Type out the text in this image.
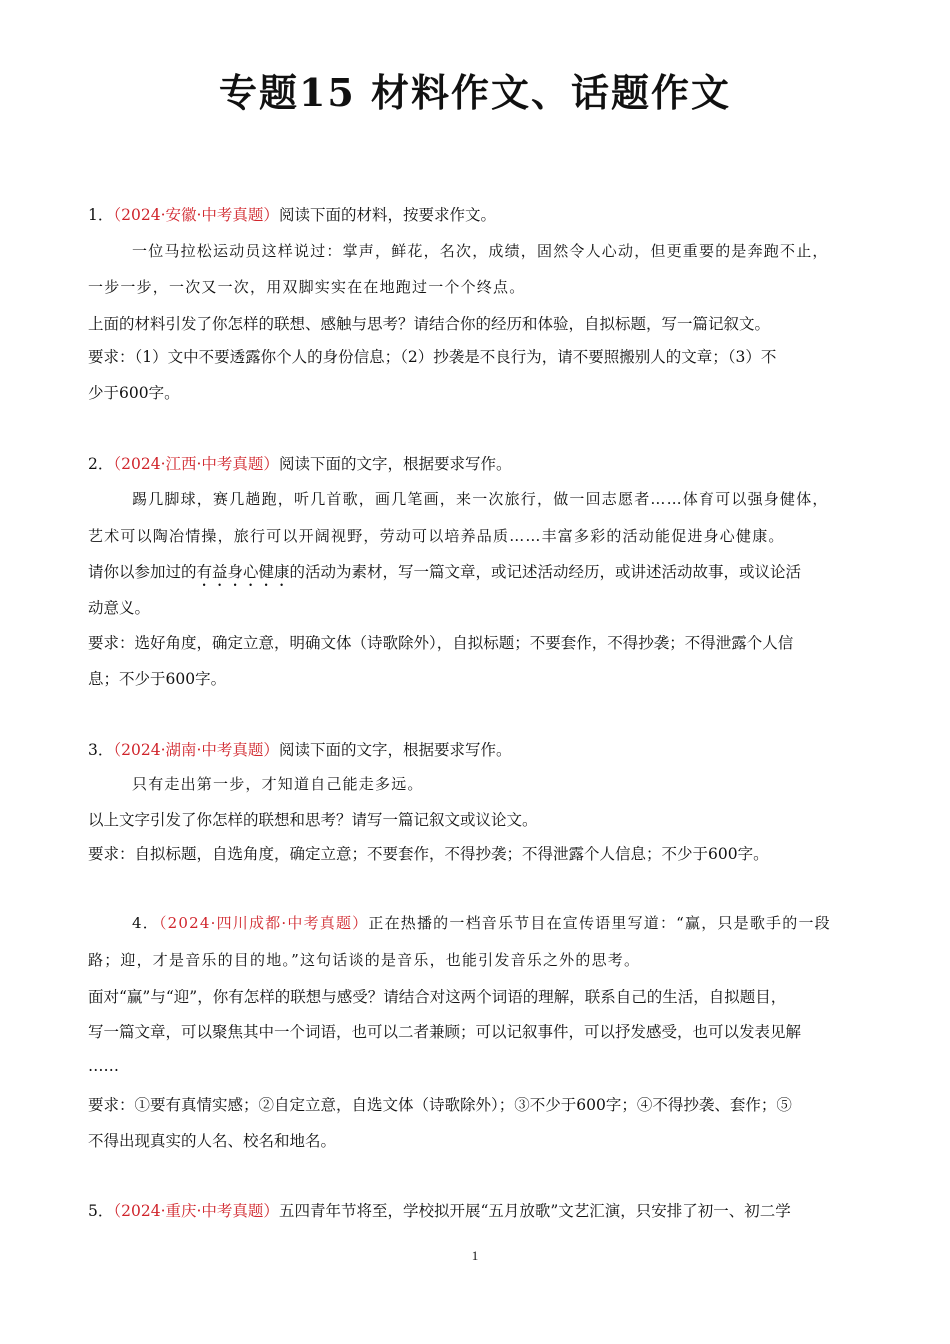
专题15 材料作文、话题作文
1．（2024·安徽·中考真题）阅读下面的材料，按要求作文。
一位马拉松运动员这样说过：掌声，鲜花，名次，成绩，固然令人心动，但更重要的是奔跑不止，
一步一步，一次又一次，用双脚实实在在地跑过一个个终点。
上面的材料引发了你怎样的联想、感触与思考？请结合你的经历和体验，自拟标题，写一篇记叙文。
要求：（1）文中不要透露你个人的身份信息；（2）抄袭是不良行为，请不要照搬别人的文章；（3）不
少于600字。
2．（2024·江西·中考真题）阅读下面的文字，根据要求写作。
踢几脚球，赛几趟跑，听几首歌，画几笔画，来一次旅行，做一回志愿者……体育可以强身健体，
艺术可以陶冶情操，旅行可以开阔视野，劳动可以培养品质……丰富多彩的活动能促进身心健康。
请你以参加过的有益身心健康的活动为素材，写一篇文章，或记述活动经历，或讲述活动故事，或议论活
动意义。
要求：选好角度，确定立意，明确文体（诗歌除外），自拟标题；不要套作，不得抄袭；不得泄露个人信
息；不少于600字。
3．（2024·湖南·中考真题）阅读下面的文字，根据要求写作。
只有走出第一步，才知道自己能走多远。
以上文字引发了你怎样的联想和思考？请写一篇记叙文或议论文。
要求：自拟标题，自选角度，确定立意；不要套作，不得抄袭；不得泄露个人信息；不少于600字。
4．（2024·四川成都·中考真题）正在热播的一档音乐节目在宣传语里写道：“赢，只是歌手的一段
路；迎，才是音乐的目的地。”这句话谈的是音乐，也能引发音乐之外的思考。
面对“赢”与“迎”，你有怎样的联想与感受？请结合对这两个词语的理解，联系自己的生活，自拟题目，
写一篇文章，可以聚焦其中一个词语，也可以二者兼顾；可以记叙事件，可以抒发感受，也可以发表见解
……
要求：①要有真情实感；②自定立意，自选文体（诗歌除外）；③不少于600字；④不得抄袭、套作；⑤
不得出现真实的人名、校名和地名。
5．（2024·重庆·中考真题）五四青年节将至，学校拟开展“五月放歌”文艺汇演，只安排了初一、初二学
1
